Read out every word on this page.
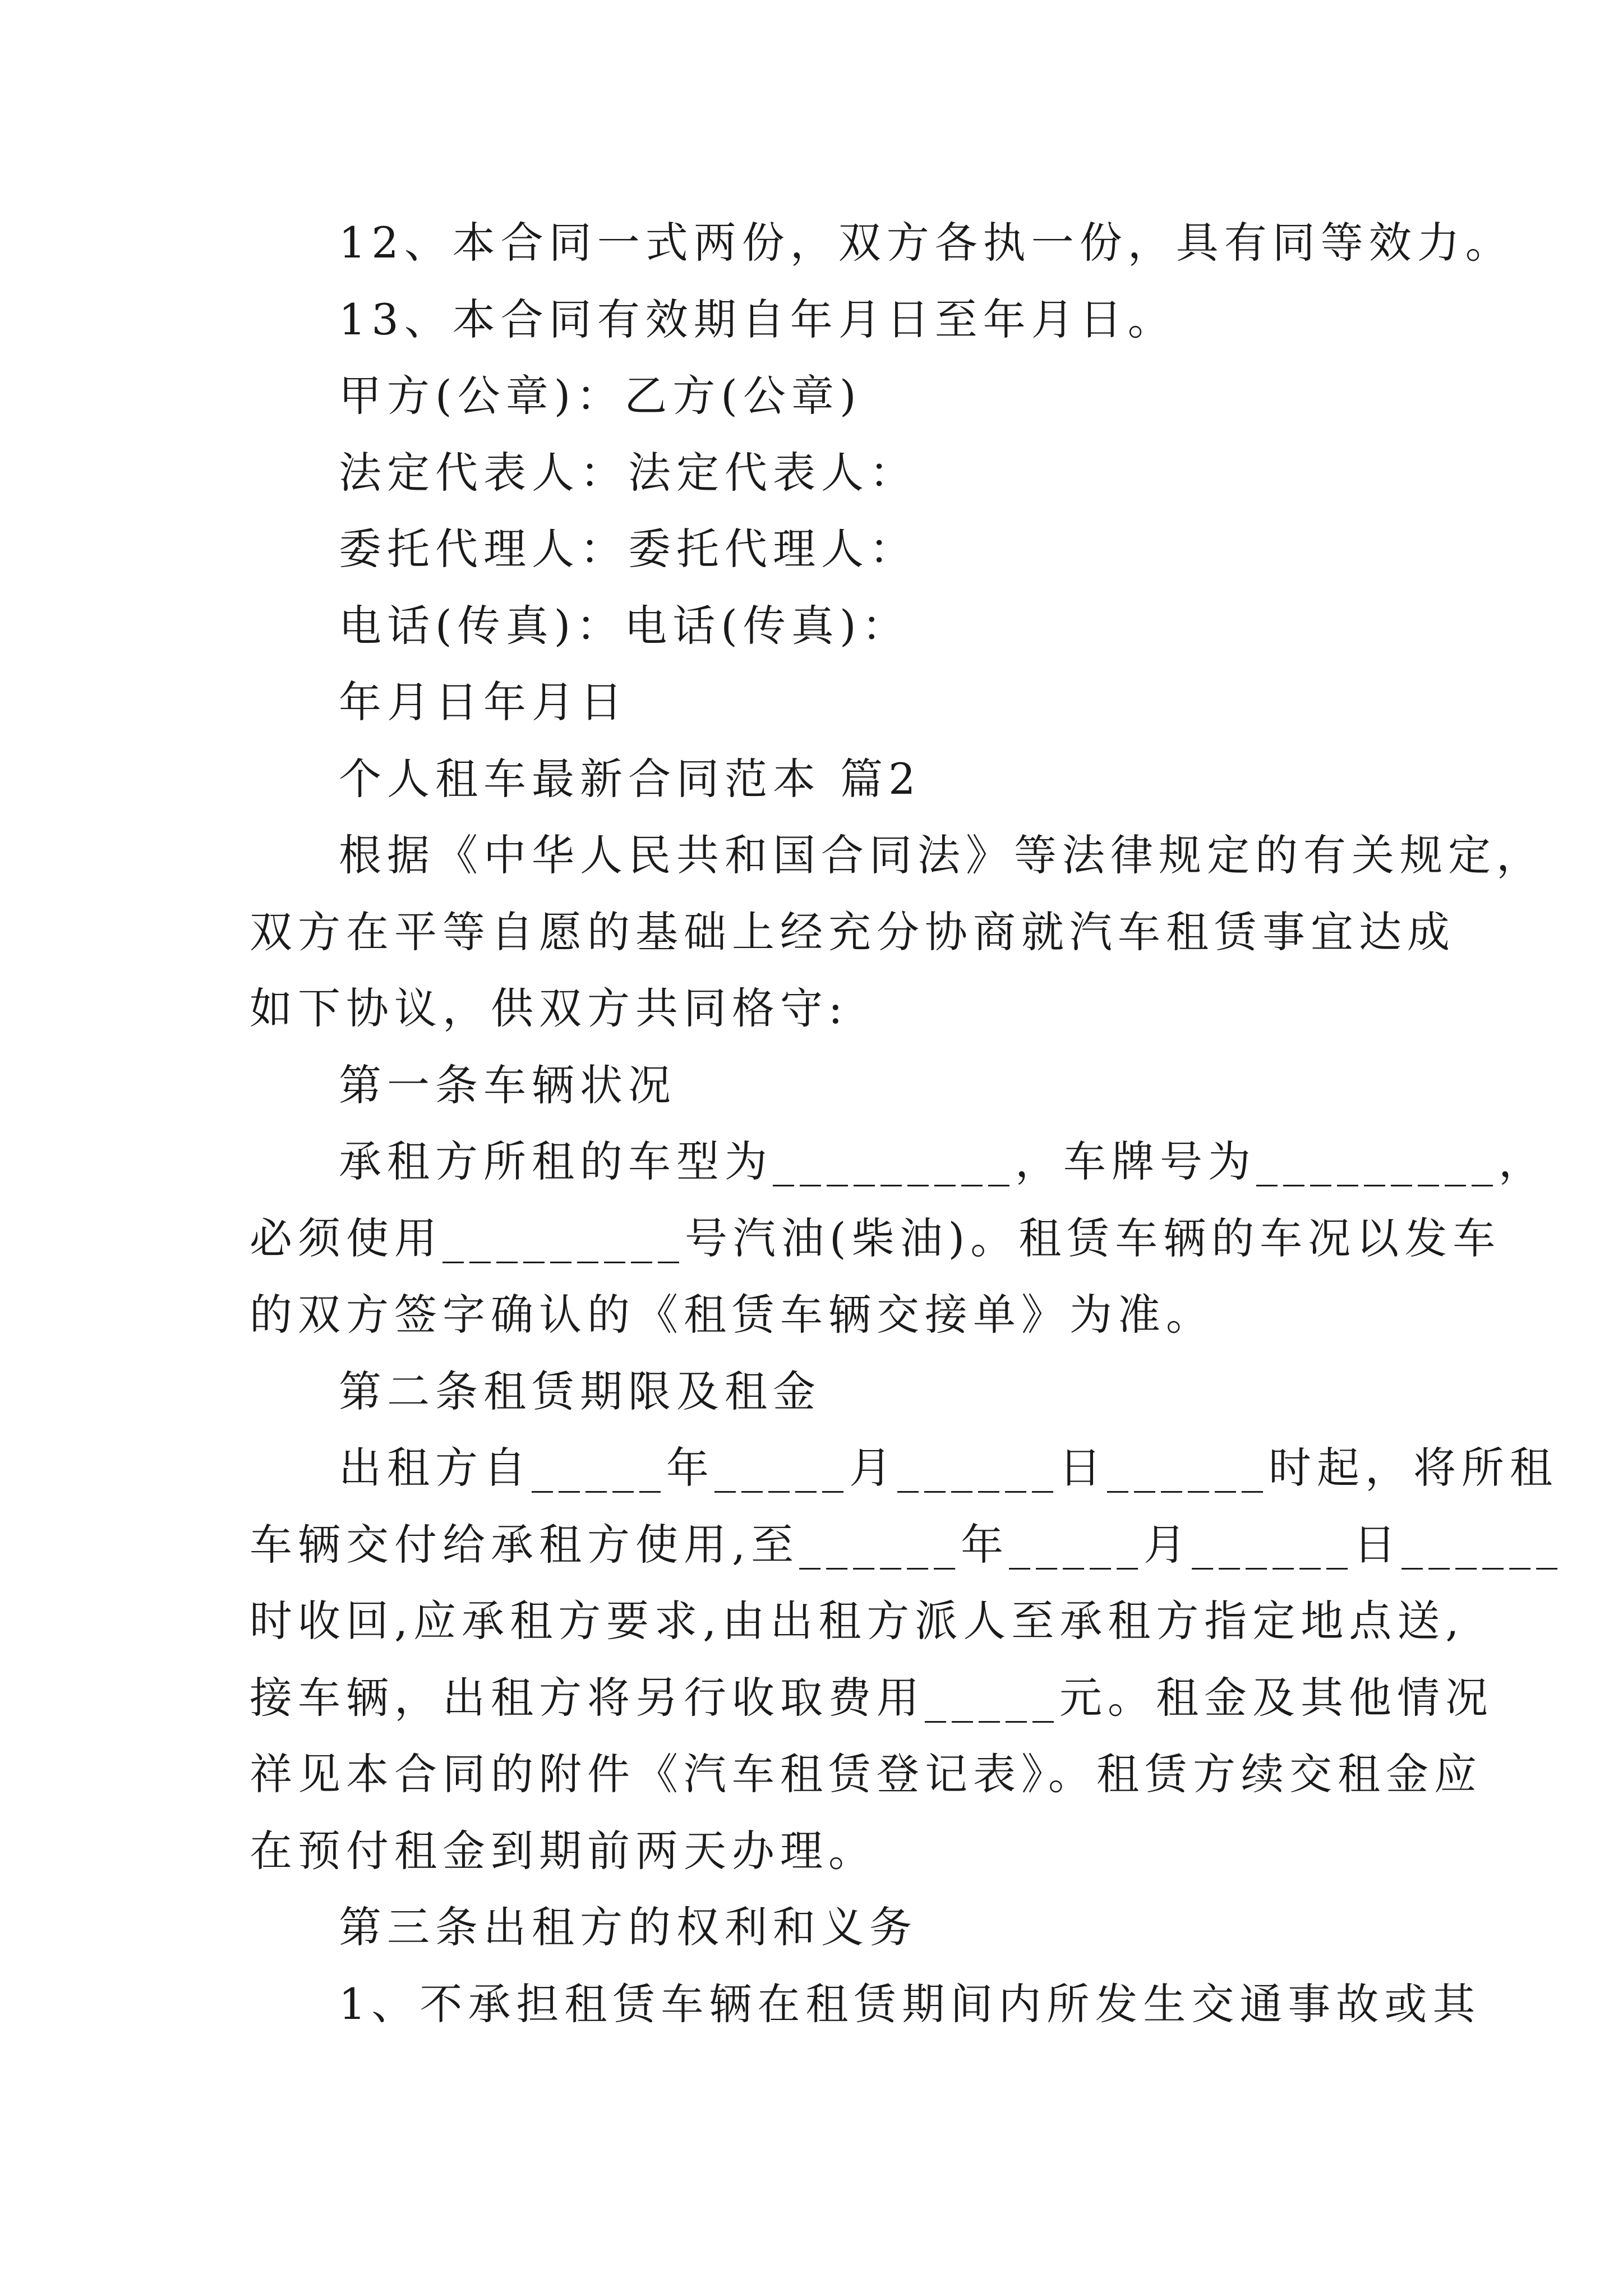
12、本合同一式两份，双方各执一份，具有同等效力。
13、本合同有效期自年月日至年月日。
甲方(公章)：乙方(公章)
法定代表人：法定代表人：
委托代理人：委托代理人：
电话(传真)：电话(传真)：
年月日年月日
个人租车最新合同范本 篇2
根据《中华人民共和国合同法》等法律规定的有关规定，
双方在平等自愿的基础上经充分协商就汽车租赁事宜达成
如下协议，供双方共同格守:
第一条车辆状况
承租方所租的车型为_________，车牌号为_________，
必须使用_________号汽油(柴油)。租赁车辆的车况以发车
的双方签字确认的《租赁车辆交接单》为准。
第二条租赁期限及租金
出租方自_____年_____月______日______时起，将所租
车辆交付给承租方使用,至______年_____月______日______
时收回,应承租方要求,由出租方派人至承租方指定地点送,
接车辆，出租方将另行收取费用_____元。租金及其他情况
祥见本合同的附件《汽车租赁登记表》。租赁方续交租金应
在预付租金到期前两天办理。
第三条出租方的权利和义务
1、不承担租赁车辆在租赁期间内所发生交通事故或其
